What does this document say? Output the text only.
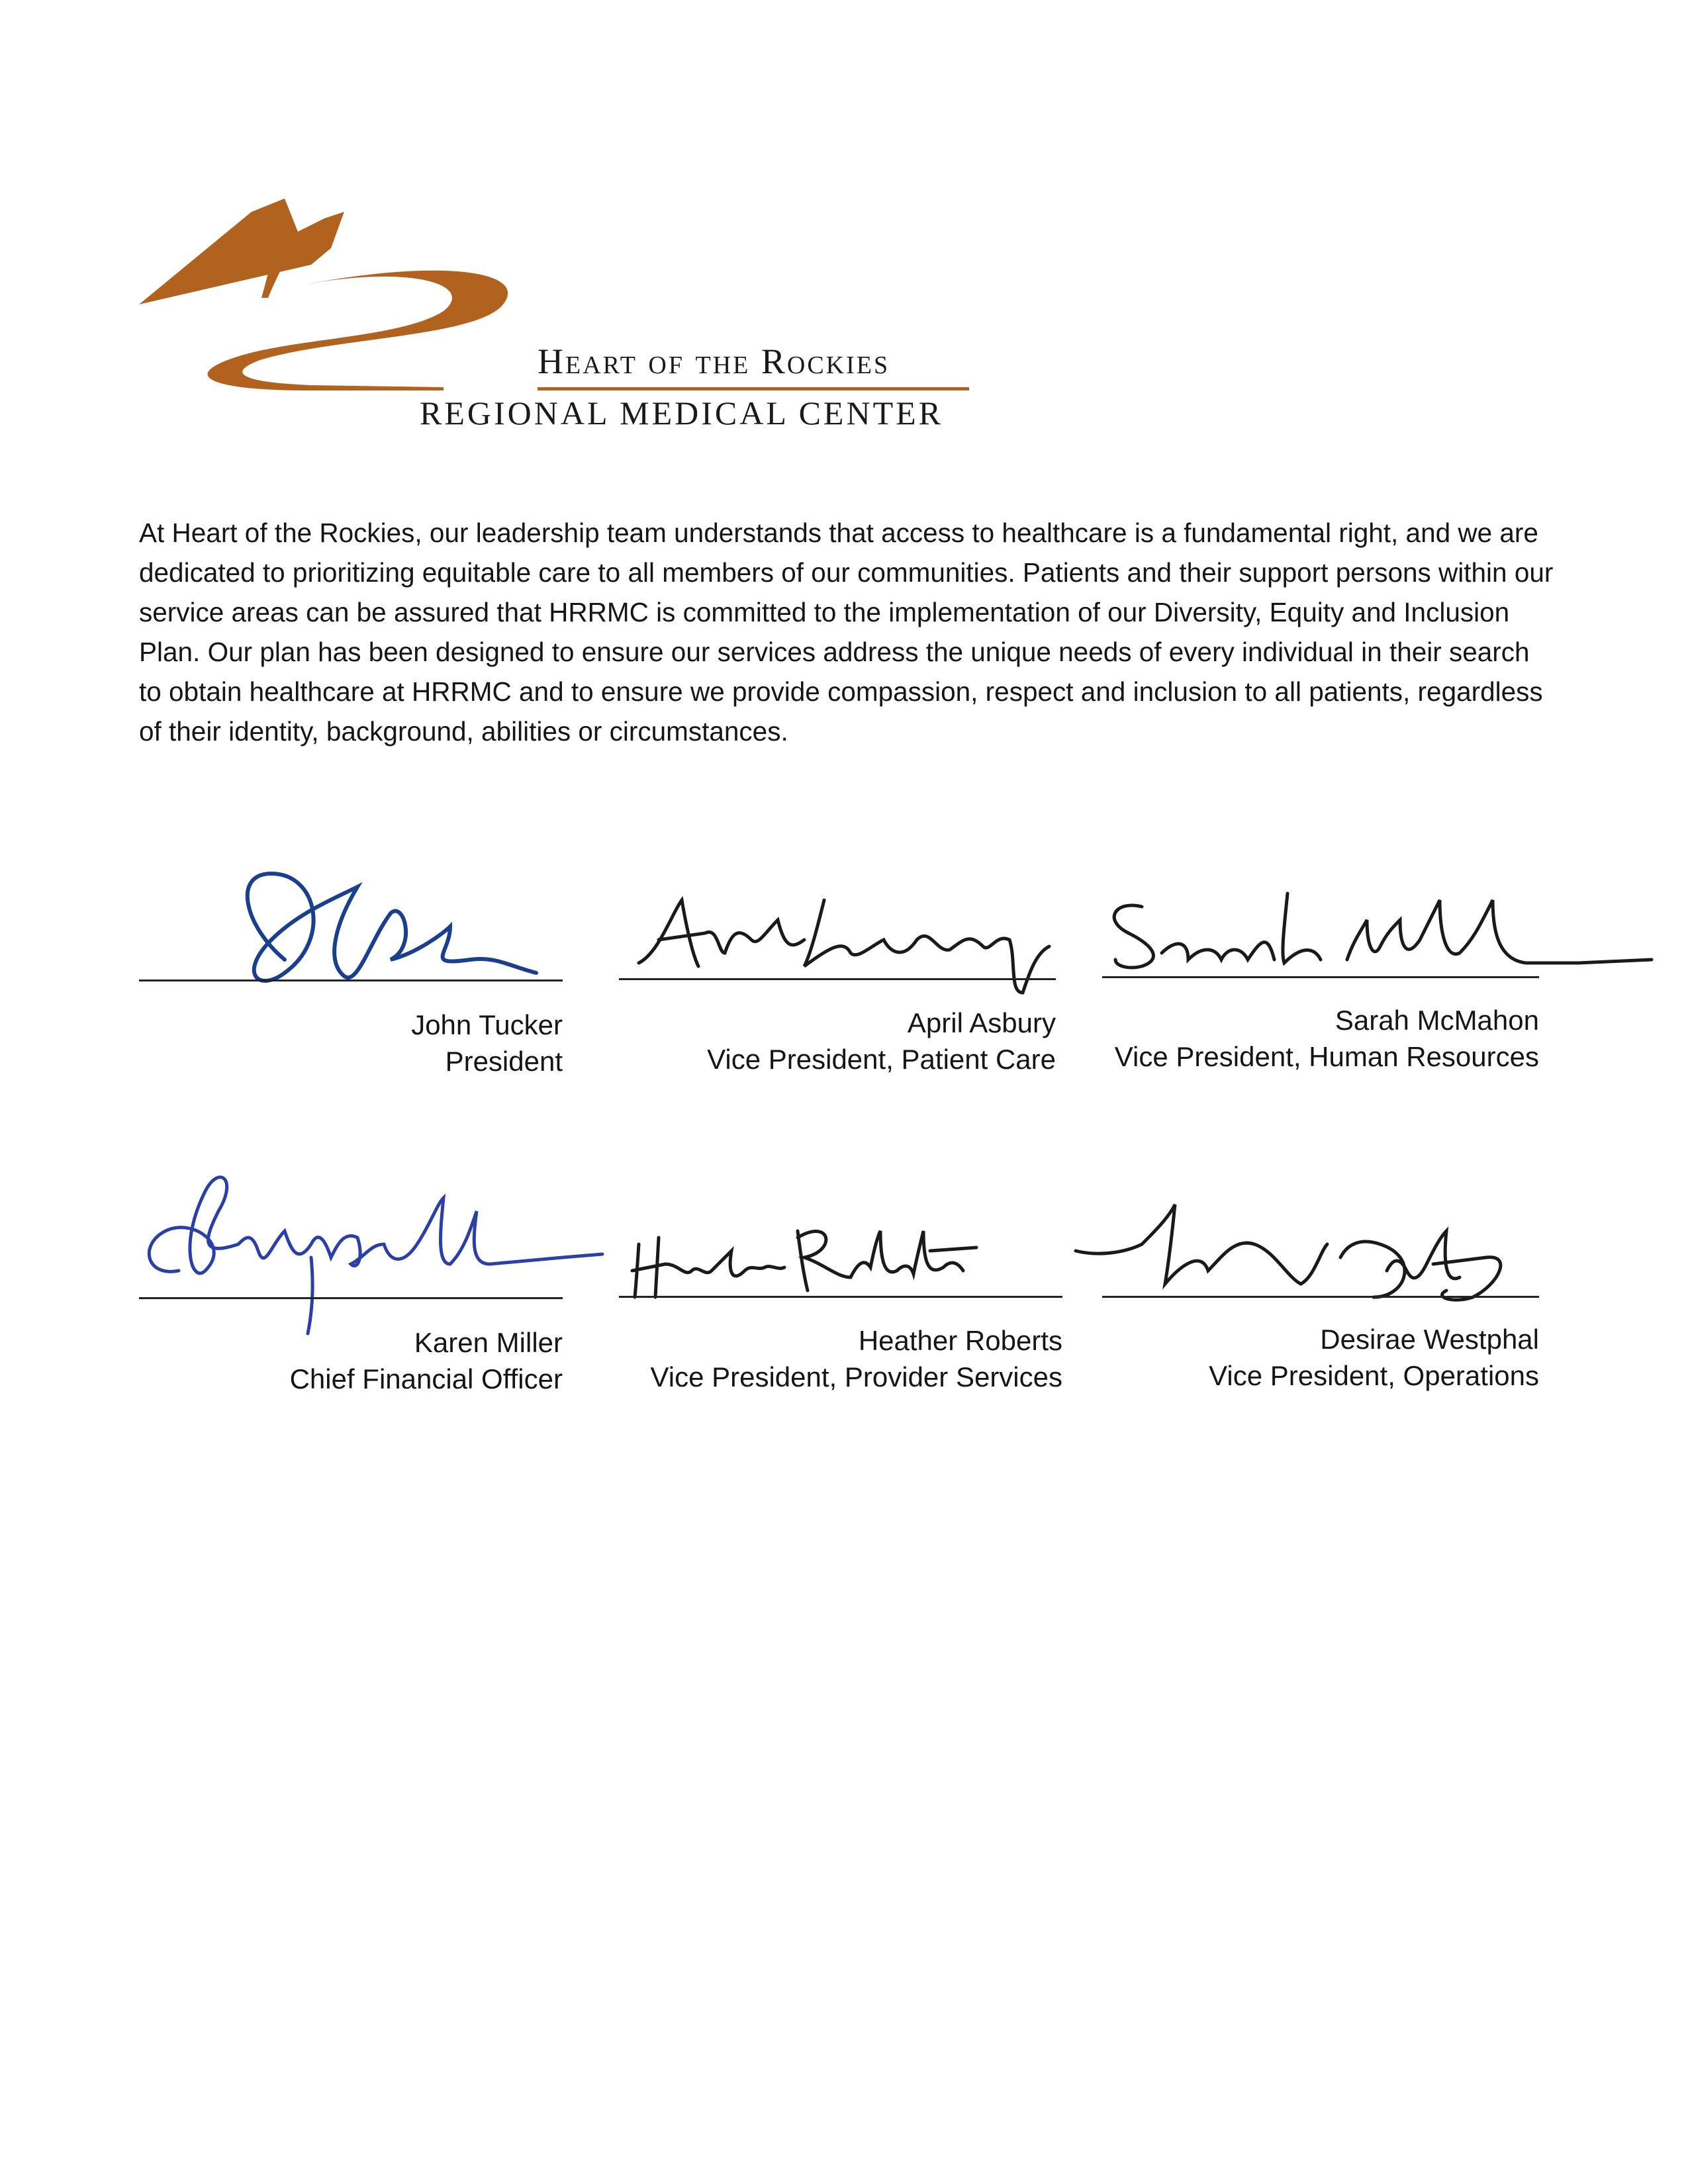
Heart of the Rockies
REGIONAL MEDICAL CENTER

At Heart of the Rockies, our leadership team understands that access to healthcare is a fundamental right, and we are dedicated to prioritizing equitable care to all members of our communities. Patients and their support persons within our service areas can be assured that HRRMC is committed to the implementation of our Diversity, Equity and Inclusion Plan. Our plan has been designed to ensure our services address the unique needs of every individual in their search to obtain healthcare at HRRMC and to ensure we provide compassion, respect and inclusion to all patients, regardless of their identity, background, abilities or circumstances.

John Tucker
President
April Asbury
Vice President, Patient Care
Sarah McMahon
Vice President, Human Resources
Karen Miller
Chief Financial Officer
Heather Roberts
Vice President, Provider Services
Desirae Westphal
Vice President, Operations
